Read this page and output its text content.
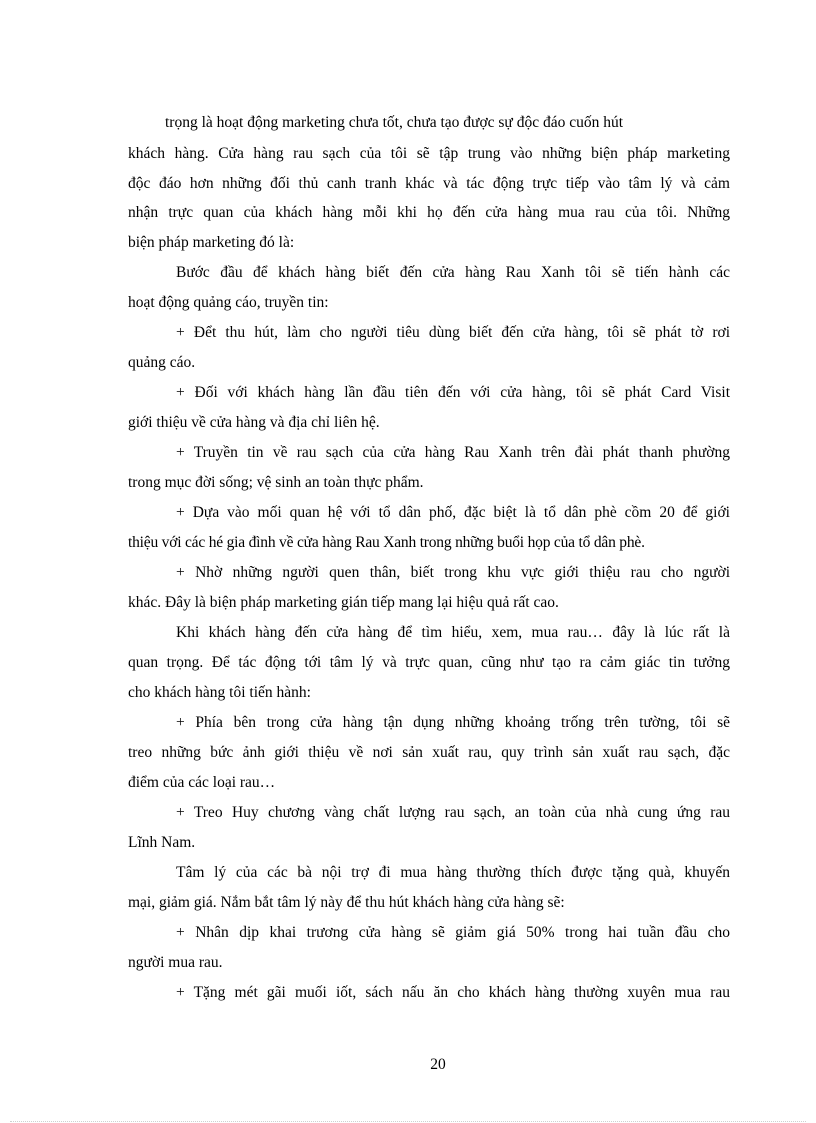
trọng là hoạt động marketing chưa tốt, chưa tạo được sự độc đáo cuốn hút
khách hàng. Cửa hàng rau sạch của tôi sẽ tập trung vào những biện pháp marketing
độc đáo hơn những đối thủ canh tranh khác và tác động trực tiếp vào tâm lý và cảm
nhận trực quan của khách hàng mỗi khi họ đến cửa hàng mua rau của tôi. Những
biện pháp marketing đó là:
Bước đầu để khách hàng biết đến cửa hàng Rau Xanh tôi sẽ tiến hành các
hoạt động quảng cáo, truyền tin:
+ Đểt thu hút, làm cho người tiêu dùng biết đến cửa hàng, tôi sẽ phát tờ rơi
quảng cáo.
+ Đối với khách hàng lần đầu tiên đến với cửa hàng, tôi sẽ phát Card Visit
giới thiệu về cửa hàng và địa chỉ liên hệ.
+ Truyền tin về rau sạch của cửa hàng Rau Xanh trên đài phát thanh phường
trong mục đời sống; vệ sinh an toàn thực phẩm.
+ Dựa vào mối quan hệ với tổ dân phố, đặc biệt là tổ dân phè cồm 20 để giới
thiệu với các hé gia đình về cửa hàng Rau Xanh trong những buổi họp của tổ dân phè.
+ Nhờ những người quen thân, biết trong khu vực giới thiệu rau cho người
khác. Đây là biện pháp marketing gián tiếp mang lại hiệu quả rất cao.
Khi khách hàng đến cửa hàng để tìm hiểu, xem, mua rau… đây là lúc rất là
quan trọng. Để tác động tới tâm lý và trực quan, cũng như tạo ra cảm giác tin tưởng
cho khách hàng tôi tiến hành:
+ Phía bên trong cửa hàng tận dụng những khoảng trống trên tường, tôi sẽ
treo những bức ảnh giới thiệu về nơi sản xuất rau, quy trình sản xuất rau sạch, đặc
điểm của các loại rau…
+ Treo Huy chương vàng chất lượng rau sạch, an toàn của nhà cung ứng rau
Lĩnh Nam.
Tâm lý của các bà nội trợ đi mua hàng thường thích được tặng quà, khuyến
mại, giảm giá. Nắm bắt tâm lý này để thu hút khách hàng cửa hàng sẽ:
+ Nhân dịp khai trương cửa hàng sẽ giảm giá 50% trong hai tuần đầu cho
người mua rau.
+ Tặng mét gãi muối iốt, sách nấu ăn cho khách hàng thường xuyên mua rau
20
